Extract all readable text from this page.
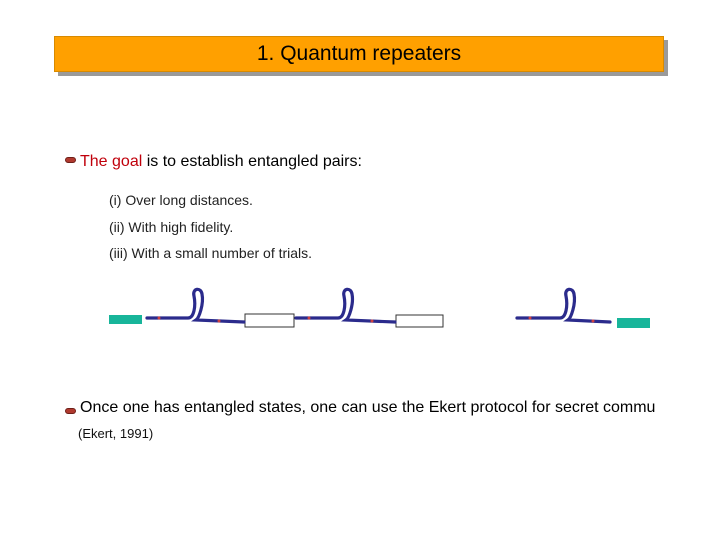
1. Quantum repeaters
The goal is to establish entangled pairs:
(i) Over long distances.
(ii) With high fidelity.
(iii) With a small number of trials.
Once one has entangled states, one can use the Ekert protocol for secret commu
(Ekert, 1991)
